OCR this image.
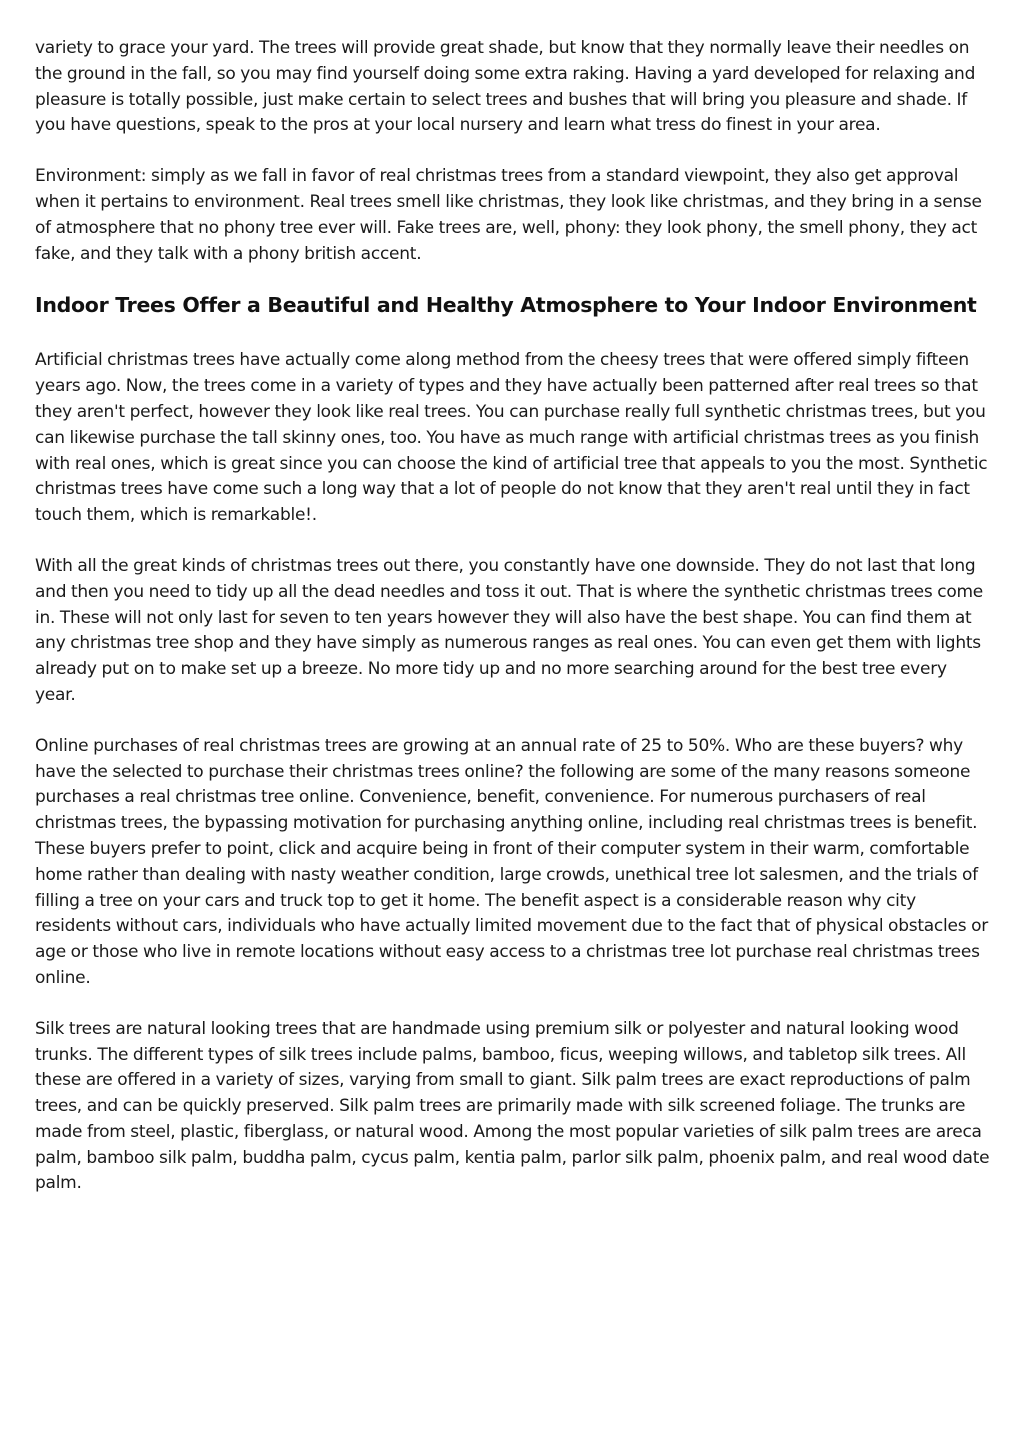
variety to grace your yard. The trees will provide great shade, but know that they normally leave their needles on the ground in the fall, so you may find yourself doing some extra raking. Having a yard developed for relaxing and pleasure is totally possible, just make certain to select trees and bushes that will bring you pleasure and shade. If you have questions, speak to the pros at your local nursery and learn what tress do finest in your area.

Environment: simply as we fall in favor of real christmas trees from a standard viewpoint, they also get approval when it pertains to environment. Real trees smell like christmas, they look like christmas, and they bring in a sense of atmosphere that no phony tree ever will. Fake trees are, well, phony: they look phony, the smell phony, they act fake, and they talk with a phony british accent.

Indoor Trees Offer a Beautiful and Healthy Atmosphere to Your Indoor Environment

Artificial christmas trees have actually come along method from the cheesy trees that were offered simply fifteen years ago. Now, the trees come in a variety of types and they have actually been patterned after real trees so that they aren't perfect, however they look like real trees. You can purchase really full synthetic christmas trees, but you can likewise purchase the tall skinny ones, too. You have as much range with artificial christmas trees as you finish with real ones, which is great since you can choose the kind of artificial tree that appeals to you the most. Synthetic christmas trees have come such a long way that a lot of people do not know that they aren't real until they in fact touch them, which is remarkable!.

With all the great kinds of christmas trees out there, you constantly have one downside. They do not last that long and then you need to tidy up all the dead needles and toss it out. That is where the synthetic christmas trees come in. These will not only last for seven to ten years however they will also have the best shape. You can find them at any christmas tree shop and they have simply as numerous ranges as real ones. You can even get them with lights already put on to make set up a breeze. No more tidy up and no more searching around for the best tree every year.

Online purchases of real christmas trees are growing at an annual rate of 25 to 50%. Who are these buyers? why have the selected to purchase their christmas trees online? the following are some of the many reasons someone purchases a real christmas tree online. Convenience, benefit, convenience. For numerous purchasers of real christmas trees, the bypassing motivation for purchasing anything online, including real christmas trees is benefit. These buyers prefer to point, click and acquire being in front of their computer system in their warm, comfortable home rather than dealing with nasty weather condition, large crowds, unethical tree lot salesmen, and the trials of filling a tree on your cars and truck top to get it home. The benefit aspect is a considerable reason why city residents without cars, individuals who have actually limited movement due to the fact that of physical obstacles or age or those who live in remote locations without easy access to a christmas tree lot purchase real christmas trees online.

Silk trees are natural looking trees that are handmade using premium silk or polyester and natural looking wood trunks. The different types of silk trees include palms, bamboo, ficus, weeping willows, and tabletop silk trees. All these are offered in a variety of sizes, varying from small to giant. Silk palm trees are exact reproductions of palm trees, and can be quickly preserved. Silk palm trees are primarily made with silk screened foliage. The trunks are made from steel, plastic, fiberglass, or natural wood. Among the most popular varieties of silk palm trees are areca palm, bamboo silk palm, buddha palm, cycus palm, kentia palm, parlor silk palm, phoenix palm, and real wood date palm.
